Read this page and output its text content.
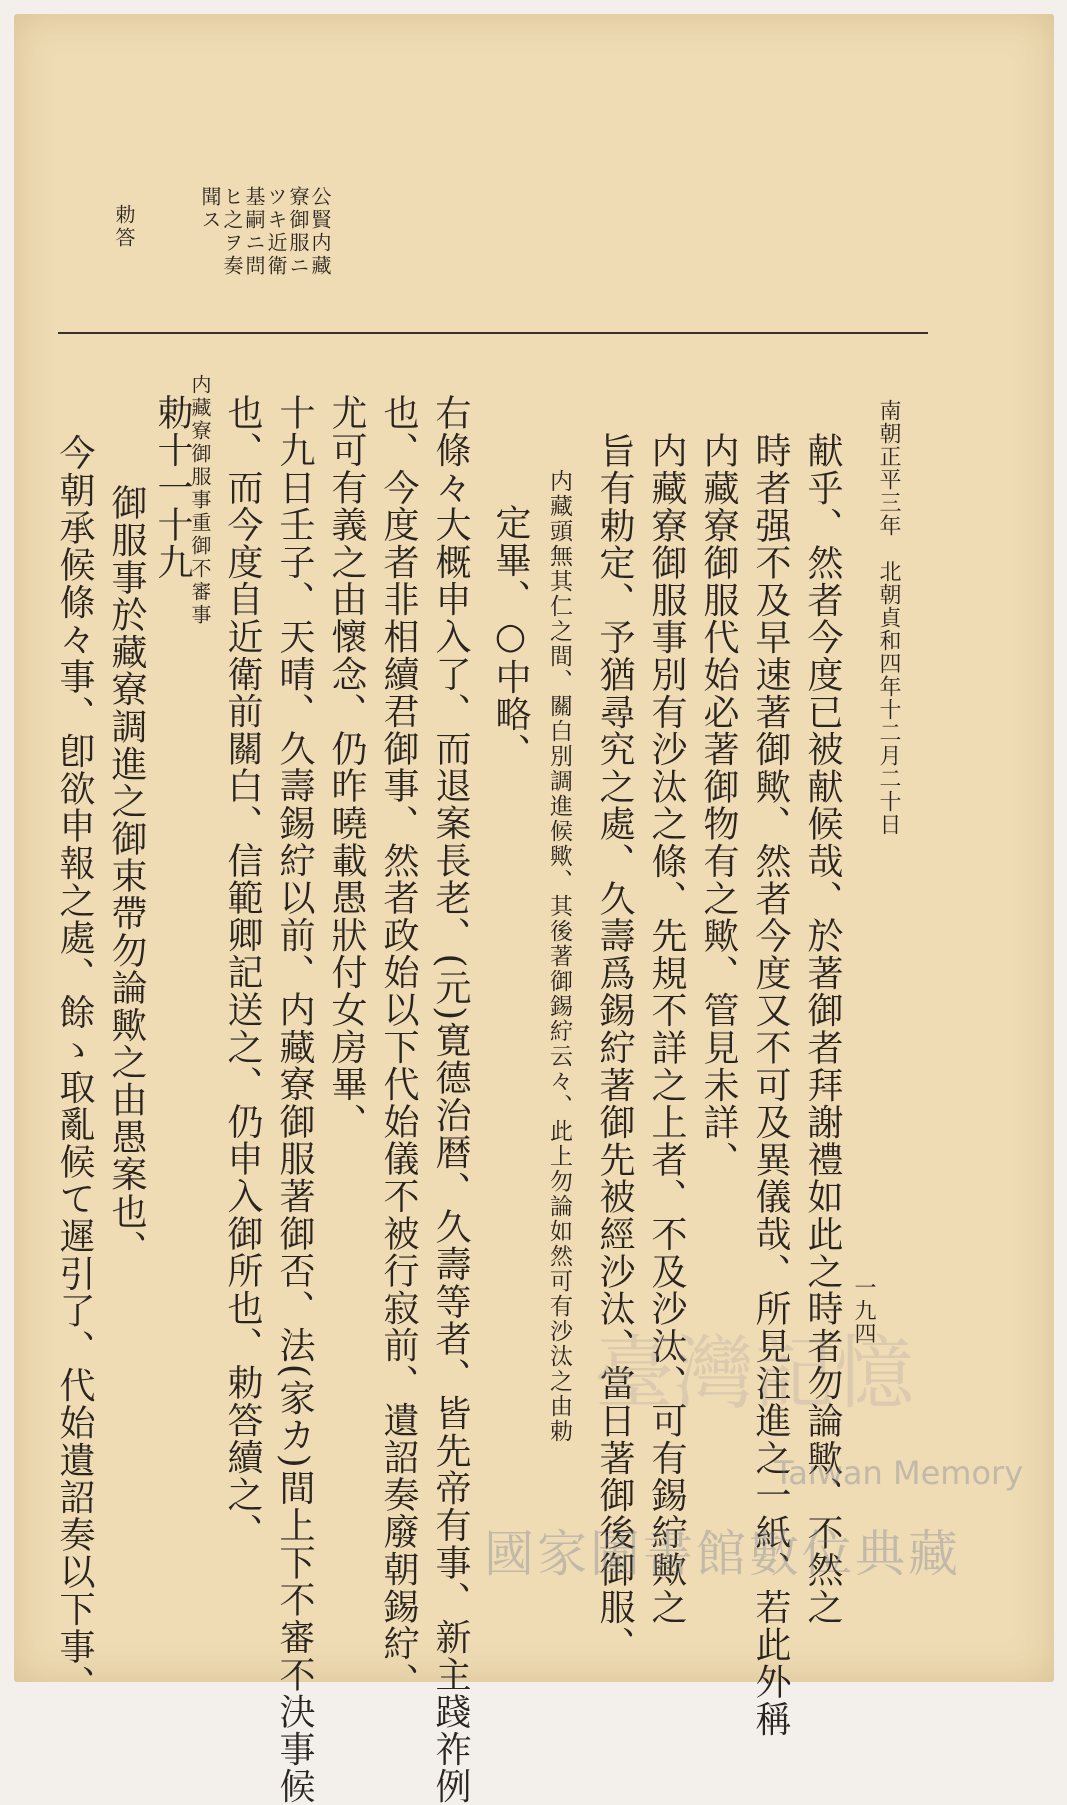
一九四
南朝正平三年　北朝貞和四年十二月二十日
公賢内藏
寮御服ニ
ツキ近衛
基嗣ニ問
ヒ之ヲ奏
聞ス
勅答
献乎、然者今度已被献候哉、於著御者拜謝禮如此之時者勿論歟、不然之
時者强不及早速著御歟、然者今度又不可及異儀哉、所見注進之一紙、若此外稱
内藏寮御服代始必著御物有之歟、管見未詳、
内藏寮御服事別有沙汰之條、先規不詳之上者、不及沙汰、可有錫紵歟之
旨有勅定、予猶尋究之處、久壽爲錫紵著御先被經沙汰、當日著御後御服、
内藏頭無其仁之間、關白別調進候歟、其後著御錫紵云々、此上勿論如然可有沙汰之由勅
定畢、○中略、
右條々大概申入了、而退案長老、(元)寛德治暦、久壽等者、皆先帝有事、新主踐祚例
也、今度者非相續君御事、然者政始以下代始儀不被行寂前、遺詔奏廢朝錫紵、
尤可有義之由懷念、仍昨曉載愚狀付女房畢、
十九日壬子、天晴、久壽錫紵以前、内藏寮御服著御否、法(家カ)間上下不審不決事候
也、而今度自近衛前關白、信範卿記送之、仍申入御所也、勅答續之、
内藏寮御服事重御不審事
勅十一十九
御服事於藏寮調進之御束帶勿論歟之由愚案也、
今朝承候條々事、卽欲申報之處、餘ゝ取亂候て遲引了、代始遺詔奏以下事、	臺灣記憶
Taiwan Memory
國家圖書館數位典藏
